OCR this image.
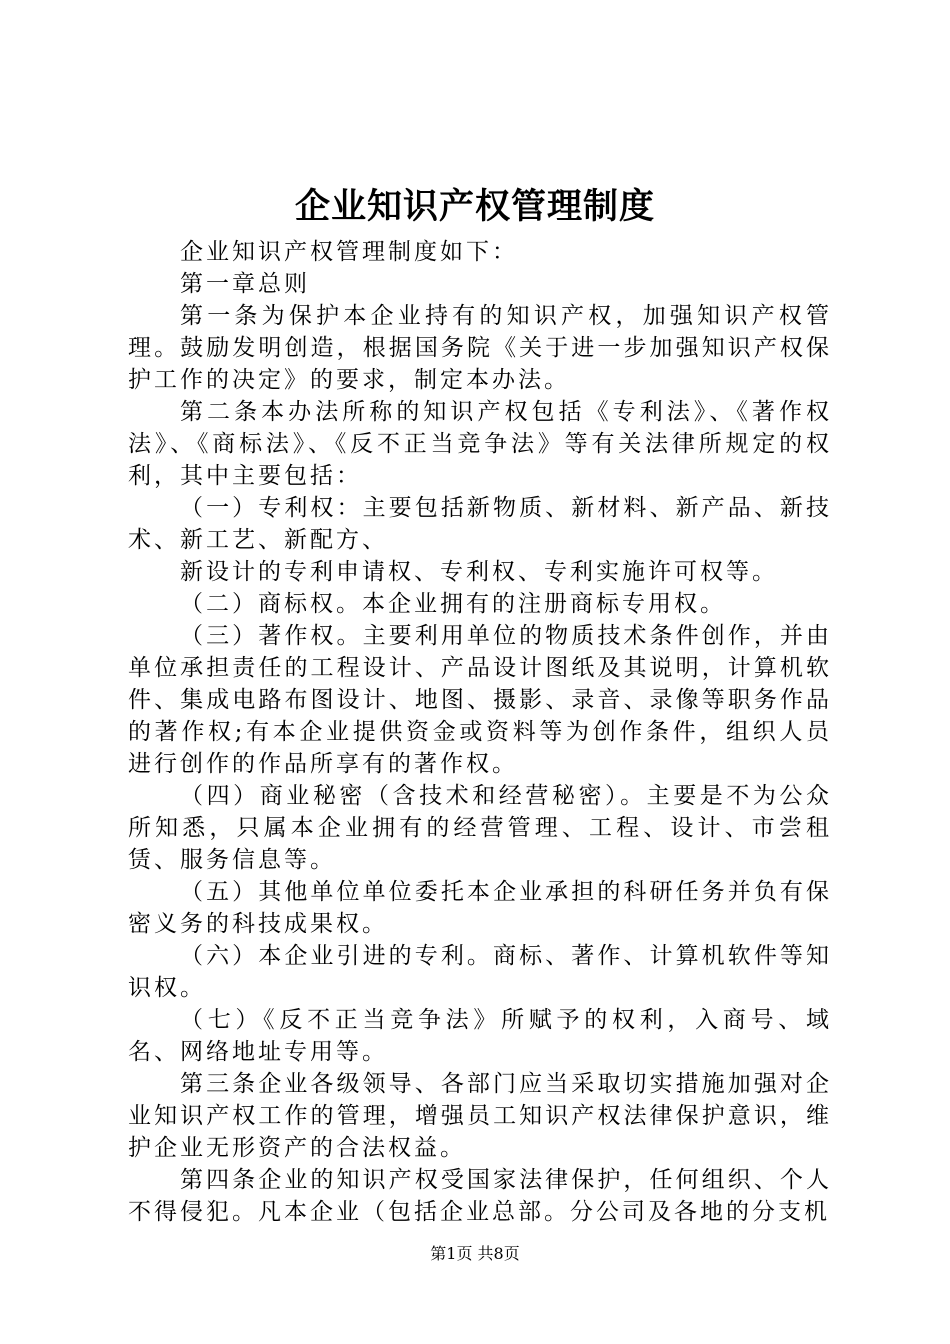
企业知识产权管理制度

企业知识产权管理制度如下：

第一章总则

第一条为保护本企业持有的知识产权，加强知识产权管理。鼓励发明创造，根据国务院《关于进一步加强知识产权保护工作的决定》的要求，制定本办法。

第二条本办法所称的知识产权包括《专利法》、《著作权法》、《商标法》、《反不正当竞争法》等有关法律所规定的权利，其中主要包括：

（一）专利权：主要包括新物质、新材料、新产品、新技术、新工艺、新配方、

新设计的专利申请权、专利权、专利实施许可权等。

（二）商标权。本企业拥有的注册商标专用权。

（三）著作权。主要利用单位的物质技术条件创作，并由单位承担责任的工程设计、产品设计图纸及其说明，计算机软件、集成电路布图设计、地图、摄影、录音、录像等职务作品的著作权;有本企业提供资金或资料等为创作条件，组织人员进行创作的作品所享有的著作权。

（四）商业秘密（含技术和经营秘密）。主要是不为公众所知悉，只属本企业拥有的经营管理、工程、设计、市尝租赁、服务信息等。

（五）其他单位单位委托本企业承担的科研任务并负有保密义务的科技成果权。

（六）本企业引进的专利。商标、著作、计算机软件等知识权。

（七）《反不正当竞争法》所赋予的权利，入商号、域名、网络地址专用等。

第三条企业各级领导、各部门应当采取切实措施加强对企业知识产权工作的管理，增强员工知识产权法律保护意识，维护企业无形资产的合法权益。

第四条企业的知识产权受国家法律保护，任何组织、个人不得侵犯。凡本企业（包括企业总部。分公司及各地的分支机

第1页 共8页
